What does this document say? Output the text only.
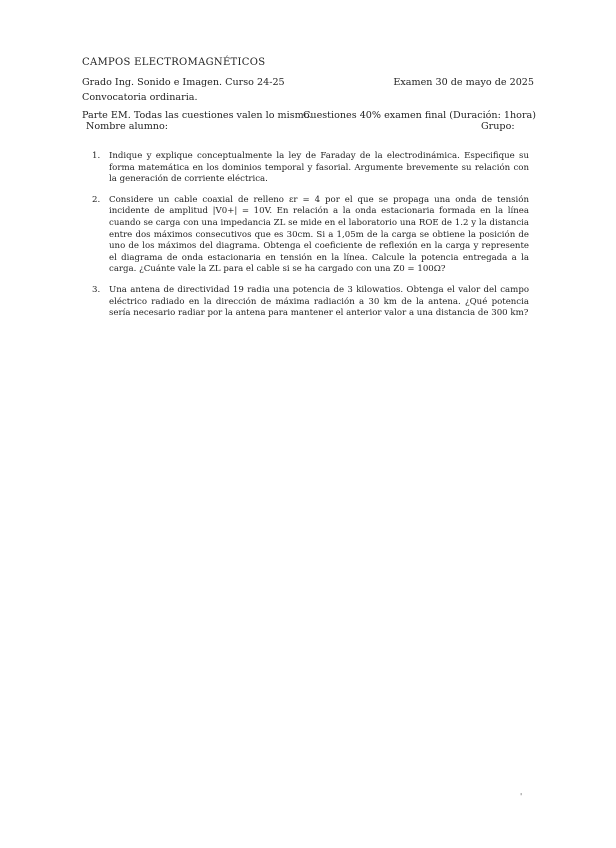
CAMPOS ELECTROMAGNÉTICOS
Grado Ing. Sonido e Imagen. Curso 24-25	Examen 30 de mayo de 2025
Convocatoria ordinaria.
Parte EM. Todas las cuestiones valen lo mismo.
Cuestiones 40% examen final (Duración: 1hora)
Nombre alumno:	Grupo:
1. Indique y explique conceptualmente la ley de Faraday de la electrodinámica. Especifique su forma matemática en los dominios temporal y fasorial. Argumente brevemente su relación con la generación de corriente eléctrica.
2. Considere un cable coaxial de relleno εr = 4 por el que se propaga una onda de tensión incidente de amplitud |V0+| = 10V. En relación a la onda estacionaria formada en la línea cuando se carga con una impedancia ZL se mide en el laboratorio una ROE de 1.2 y la distancia entre dos máximos consecutivos que es 30cm. Si a 1,05m de la carga se obtiene la posición de uno de los máximos del diagrama. Obtenga el coeficiente de reflexión en la carga y represente el diagrama de onda estacionaria en tensión en la línea. Calcule la potencia entregada a la carga. ¿Cuánte vale la ZL para el cable si se ha cargado con una Z0 = 100Ω?
3. Una antena de directividad 19 radia una potencia de 3 kilowatios. Obtenga el valor del campo eléctrico radiado en la dirección de máxima radiación a 30 km de la antena. ¿Qué potencia sería necesario radiar por la antena para mantener el anterior valor a una distancia de 300 km?
'
